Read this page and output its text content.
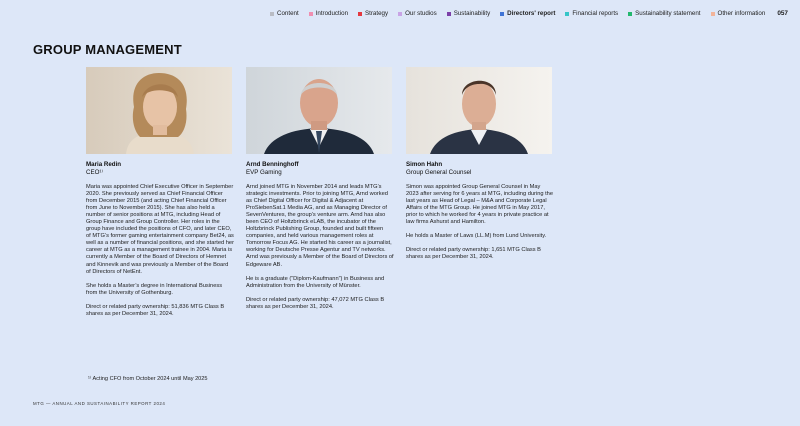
Content	Introduction	Strategy	Our studios	Sustainability	Directors' report	Financial reports	Sustainability statement	Other information 057
GROUP MANAGEMENT
Maria Redin
CEO¹⁾

Maria was appointed Chief Executive Officer in September 2020. She previously served as Chief Financial Officer from December 2015 (and acting Chief Financial Officer from June to November 2015). She has also held a number of senior positions at MTG, including Head of Group Finance and Group Controller. Her roles in the group have included the positions of CFO, and later CEO, of MTG’s former gaming entertainment company Bet24, as well as a number of financial positions, and she started her career at MTG as a management trainee in 2004. Maria is currently a Member of the Board of Directors of Hemnet and Kinnevik and was previously a Member of the Board of Directors of NetEnt.

She holds a Master’s degree in International Business from the University of Gothenburg.

Direct or related party ownership: 51,836 MTG Class B shares as per December 31, 2024.

Arnd Benninghoff
EVP Gaming

Arnd joined MTG in November 2014 and leads MTG’s strategic investments. Prior to joining MTG, Arnd worked as Chief Digital Officer for Digital & Adjacent at ProSiebenSat.1 Media AG, and as Managing Director of SevenVentures, the group’s venture arm. Arnd has also been CEO of Holtzbrinck eLAB, the incubator of the Holtzbrinck Publishing Group, founded and built fifteen companies, and held various management roles at Tomorrow Focus AG. He started his career as a journalist, working for Deutsche Presse Agentur and TV networks. Arnd was previously a Member of the Board of Directors of Edgeware AB.

He is a graduate (“Diplom-Kaufmann”) in Business and Administration from the University of Münster.

Direct or related party ownership: 47,072 MTG Class B shares as per December 31, 2024.

Simon Hahn
Group General Counsel

Simon was appointed Group General Counsel in May 2023 after serving for 6 years at MTG, including during the last years as Head of Legal – M&A and Corporate Legal Affairs of the MTG Group. He joined MTG in May 2017, prior to which he worked for 4 years in private practice at law firms Ashurst and Hamilton.

He holds a Master of Laws (LL.M) from Lund University.

Direct or related party ownership: 1,651 MTG Class B shares as per December 31, 2024.

¹⁾ Acting CFO from October 2024 until May 2025
MTG — ANNUAL AND SUSTAINABILITY REPORT 2024
